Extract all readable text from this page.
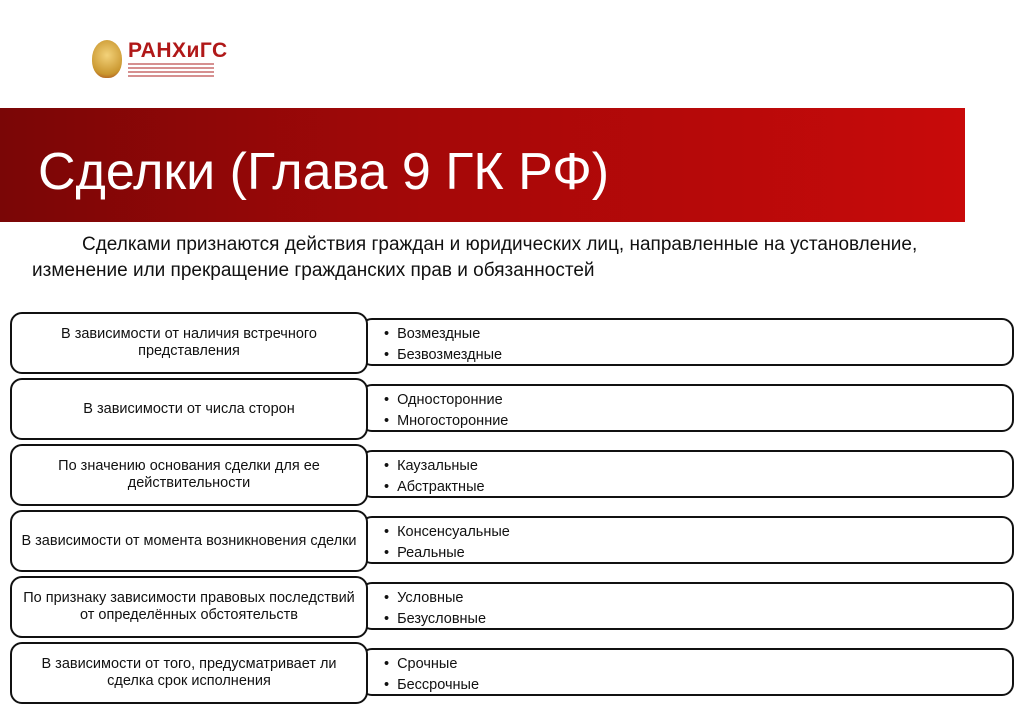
РАНХиГС
Сделки (Глава 9 ГК РФ)
Сделками признаются действия граждан и юридических лиц, направленные на установление, изменение или прекращение гражданских прав и обязанностей
В зависимости от наличия встречного представления
• Возмездные
• Безвозмездные
В зависимости от числа сторон
• Односторонние
• Многосторонние
По значению основания сделки для ее действительности
• Каузальные
• Абстрактные
В зависимости от момента возникновения сделки
• Консенсуальные
• Реальные
По признаку зависимости правовых последствий от определённых обстоятельств
• Условные
• Безусловные
В зависимости от того, предусматривает ли сделка срок исполнения
• Срочные
• Бессрочные
